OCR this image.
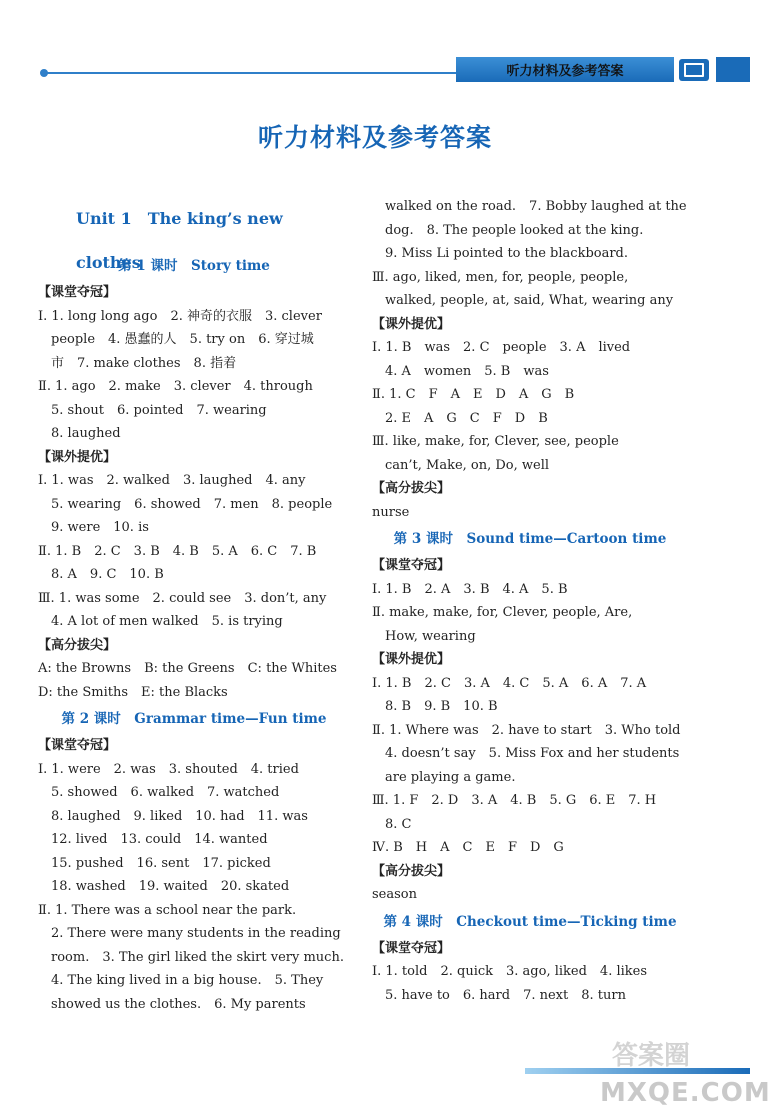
听力材料及参考答案
听力材料及参考答案
Unit 1　The king’s new clothes
第 1 课时　Story time
【课堂夺冠】
Ⅰ. 1. long long ago　2. 神奇的衣服　3. clever
　people　4. 愚蠢的人　5. try on　6. 穿过城
　市　7. make clothes　8. 指着
Ⅱ. 1. ago　2. make　3. clever　4. through
　5. shout　6. pointed　7. wearing
　8. laughed
【课外提优】
Ⅰ. 1. was　2. walked　3. laughed　4. any
　5. wearing　6. showed　7. men　8. people
　9. were　10. is
Ⅱ. 1. B　2. C　3. B　4. B　5. A　6. C　7. B
　8. A　9. C　10. B
Ⅲ. 1. was some　2. could see　3. don’t, any
　4. A lot of men walked　5. is trying
【高分拔尖】
A: the Browns　B: the Greens　C: the Whites
D: the Smiths　E: the Blacks
第 2 课时　Grammar time—Fun time
【课堂夺冠】
Ⅰ. 1. were　2. was　3. shouted　4. tried
　5. showed　6. walked　7. watched
　8. laughed　9. liked　10. had　11. was
　12. lived　13. could　14. wanted
　15. pushed　16. sent　17. picked
　18. washed　19. waited　20. skated
Ⅱ. 1. There was a school near the park.
　2. There were many students in the reading
　room.　3. The girl liked the skirt very much.
　4. The king lived in a big house.　5. They
　showed us the clothes.　6. My parents
　walked on the road.　7. Bobby laughed at the
　dog.　8. The people looked at the king.
　9. Miss Li pointed to the blackboard.
Ⅲ. ago, liked, men, for, people, people,
　walked, people, at, said, What, wearing any
【课外提优】
Ⅰ. 1. B　was　2. C　people　3. A　lived
　4. A　women　5. B　was
Ⅱ. 1. C　F　A　E　D　A　G　B
　2. E　A　G　C　F　D　B
Ⅲ. like, make, for, Clever, see, people
　can’t, Make, on, Do, well
【高分拔尖】
nurse
第 3 课时　Sound time—Cartoon time
【课堂夺冠】
Ⅰ. 1. B　2. A　3. B　4. A　5. B
Ⅱ. make, make, for, Clever, people, Are,
　How, wearing
【课外提优】
Ⅰ. 1. B　2. C　3. A　4. C　5. A　6. A　7. A
　8. B　9. B　10. B
Ⅱ. 1. Where was　2. have to start　3. Who told
　4. doesn’t say　5. Miss Fox and her students
　are playing a game.
Ⅲ. 1. F　2. D　3. A　4. B　5. G　6. E　7. H
　8. C
Ⅳ. B　H　A　C　E　F　D　G
【高分拔尖】
season
第 4 课时　Checkout time—Ticking time
【课堂夺冠】
Ⅰ. 1. told　2. quick　3. ago, liked　4. likes
　5. have to　6. hard　7. next　8. turn
答案圈
MXQE.COM
